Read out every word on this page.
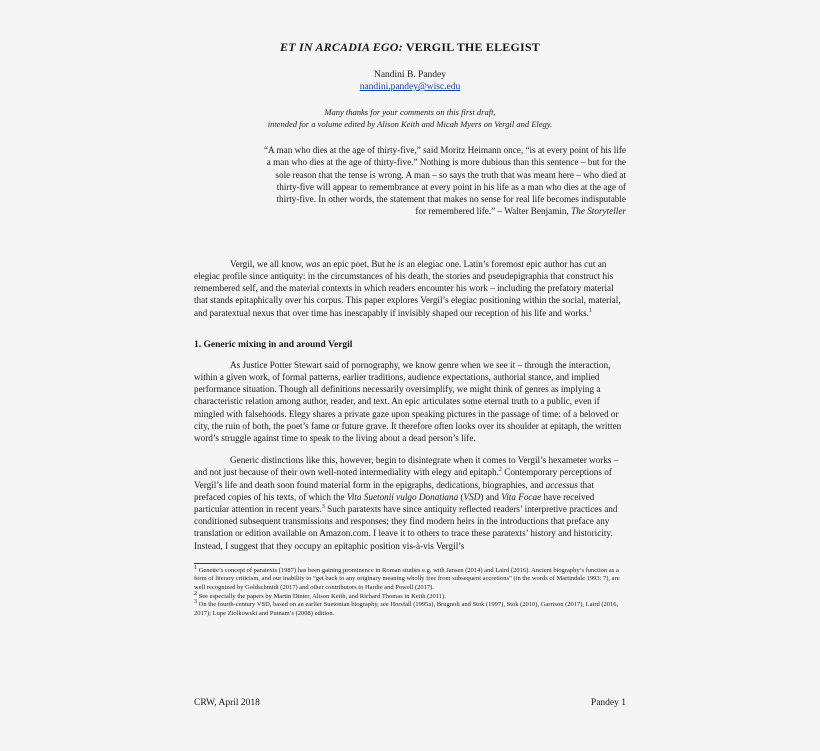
ET IN ARCADIA EGO: VERGIL THE ELEGIST
Nandini B. Pandey
nandini.pandey@wisc.edu
Many thanks for your comments on this first draft,
intended for a volume edited by Alison Keith and Micah Myers on Vergil and Elegy.
“A man who dies at the age of thirty-five,” said Moritz Heimann once, “is at every point of his life
a man who dies at the age of thirty-five.” Nothing is more dubious than this sentence – but for the
sole reason that the tense is wrong. A man – so says the truth that was meant here – who died at
thirty-five will appear to remembrance at every point in his life as a man who dies at the age of
thirty-five. In other words, the statement that makes no sense for real life becomes indisputable
for remembered life.” – Walter Benjamin, The Storyteller

Vergil, we all know, was an epic poet. But he is an elegiac one. Latin’s foremost epic author has cut an elegiac profile since antiquity: in the circumstances of his death, the stories and pseudepigraphia that construct his remembered self, and the material contexts in which readers encounter his work – including the prefatory material that stands epitaphically over his corpus. This paper explores Vergil’s elegiac positioning within the social, material, and paratextual nexus that over time has inescapably if invisibly shaped our reception of his life and works.$^1$

1. Generic mixing in and around Vergil

As Justice Potter Stewart said of pornography, we know genre when we see it – through the interaction, within a given work, of formal patterns, earlier traditions, audience expectations, authorial stance, and implied performance situation. Though all definitions necessarily oversimplify, we might think of genres as implying a characteristic relation among author, reader, and text. An epic articulates some eternal truth to a public, even if mingled with falsehoods. Elegy shares a private gaze upon speaking pictures in the passage of time: of a beloved or city, the ruin of both, the poet’s fame or future grave. It therefore often looks over its shoulder at epitaph, the written word’s struggle against time to speak to the living about a dead person’s life.

Generic distinctions like this, however, begin to disintegrate when it comes to Vergil’s hexameter works – and not just because of their own well-noted intermediality with elegy and epitaph.$^2$ Contemporary perceptions of Vergil’s life and death soon found material form in the epigraphs, dedications, biographies, and accessus that prefaced copies of his texts, of which the Vita Suetonii vulgo Donatiana (VSD) and Vita Focae have received particular attention in recent years.$^3$ Such paratexts have since antiquity reflected readers’ interpretive practices and conditioned subsequent transmissions and responses; they find modern heirs in the introductions that preface any translation or edition available on Amazon.com. I leave it to others to trace these paratexts’ history and historicity. Instead, I suggest that they occupy an epitaphic position vis-à-vis Vergil’s

$^1$ Genette’s concept of paratexts (1987) has been gaining prominence in Roman studies e.g. with Jansen (2014) and Laird (2016). Ancient biography’s function as a form of literary criticism, and our inability to “get back to any originary meaning wholly free from subsequent accretions” (in the words of Martindale 1993: 7), are well recognized by Goldschmidt (2017) and other contributors to Hardie and Powell (2017).

$^2$ See especially the papers by Martin Dinter, Alison Keith, and Richard Thomas in Keith (2011).

$^3$ On the fourth-century VSD, based on an earlier Suetonian biography, see Horsfall (1995a), Brugnoli and Stok (1997), Stok (2010), Garrison (2017), Laird (2016, 2017); Lupe Ziolkowski and Putnam’s (2008) edition.

CRW, April 2018	Pandey 1
